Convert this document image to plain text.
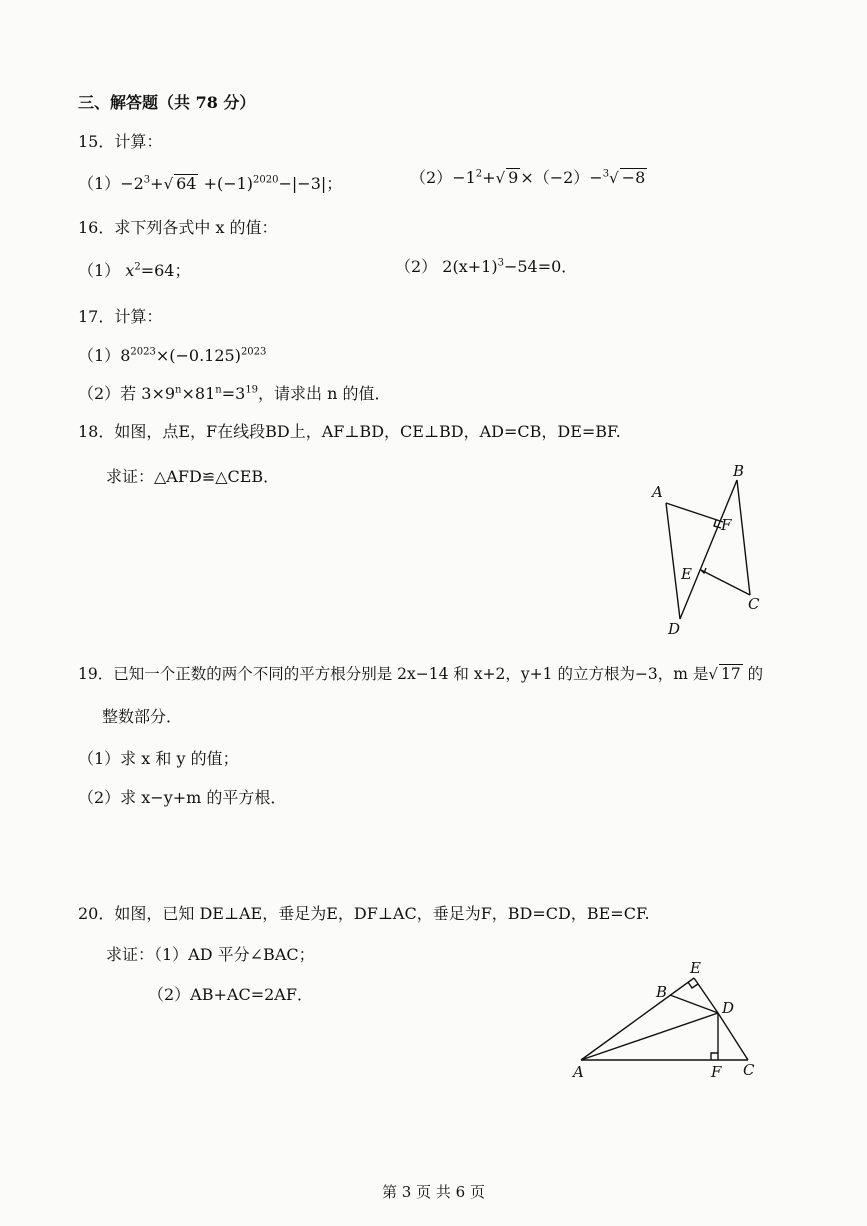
三、解答题（共 78 分）
15．计算：
$(1)-2^3+√$ $64 +(-1)^{2020}-|-3|$；	$(2)-1^2+√$ 9 ×（−2）−$^3$√ −8
16．求下列各式中 x 的值：
（1） $x^2=64$；	（2） $2(x+1)^3-54=0$．
17．计算：
$(1)8^{2023}\times(-0.125)^{2023}$
（2）若 $3\times 9^n\times 81^n=3^{19}$，请求出 n 的值．
18．如图，点E，F在线段BD上，AF⊥BD，CE⊥BD，AD=CB，DE=BF.
求证：△AFD≌△CEB．
A
B
F
E
C
D
19．已知一个正数的两个不同的平方根分别是 2x−14 和 x+2，y+1 的立方根为−3，m 是√ 17 的
整数部分．
（1）求 x 和 y 的值；
（2）求 x−y+m 的平方根．
20．如图，已知 DE⊥AE，垂足为E，DF⊥AC，垂足为F，BD=CD，BE=CF.
求证：（1）AD 平分∠BAC；
（2）AB+AC=2AF．
E
B
D
A	F C
第 3 页 共 6 页
